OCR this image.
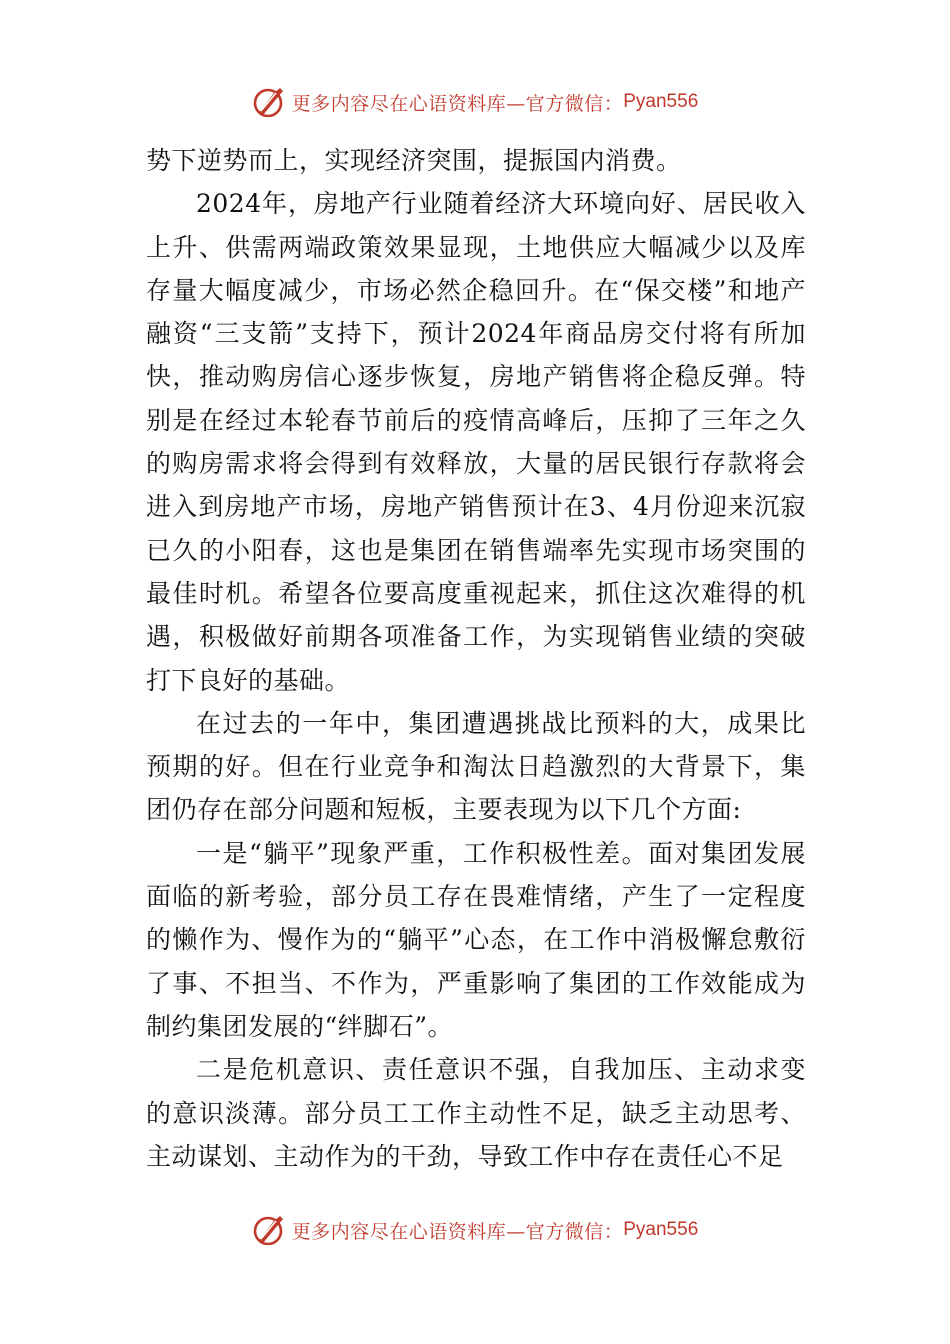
更多内容尽在心语资料库—官方微信： Pyan556

势下逆势而上，实现经济突围，提振国内消费。

2024年，房地产行业随着经济大环境向好、居民收入上升、供需两端政策效果显现，土地供应大幅减少以及库存量大幅度减少，市场必然企稳回升。在“保交楼”和地产融资“三支箭”支持下，预计2024年商品房交付将有所加快，推动购房信心逐步恢复，房地产销售将企稳反弹。特别是在经过本轮春节前后的疫情高峰后，压抑了三年之久的购房需求将会得到有效释放，大量的居民银行存款将会进入到房地产市场，房地产销售预计在3、4月份迎来沉寂已久的小阳春，这也是集团在销售端率先实现市场突围的最佳时机。希望各位要高度重视起来，抓住这次难得的机遇，积极做好前期各项准备工作，为实现销售业绩的突破打下良好的基础。

在过去的一年中，集团遭遇挑战比预料的大，成果比预期的好。但在行业竞争和淘汰日趋激烈的大背景下，集团仍存在部分问题和短板，主要表现为以下几个方面:

一是“躺平”现象严重，工作积极性差。面对集团发展面临的新考验，部分员工存在畏难情绪，产生了一定程度的懒作为、慢作为的“躺平”心态，在工作中消极懈怠敷衍了事、不担当、不作为，严重影响了集团的工作效能成为制约集团发展的“绊脚石”。

二是危机意识、责任意识不强，自我加压、主动求变的意识淡薄。部分员工工作主动性不足，缺乏主动思考、主动谋划、主动作为的干劲，导致工作中存在责任心不足

更多内容尽在心语资料库—官方微信： Pyan556
